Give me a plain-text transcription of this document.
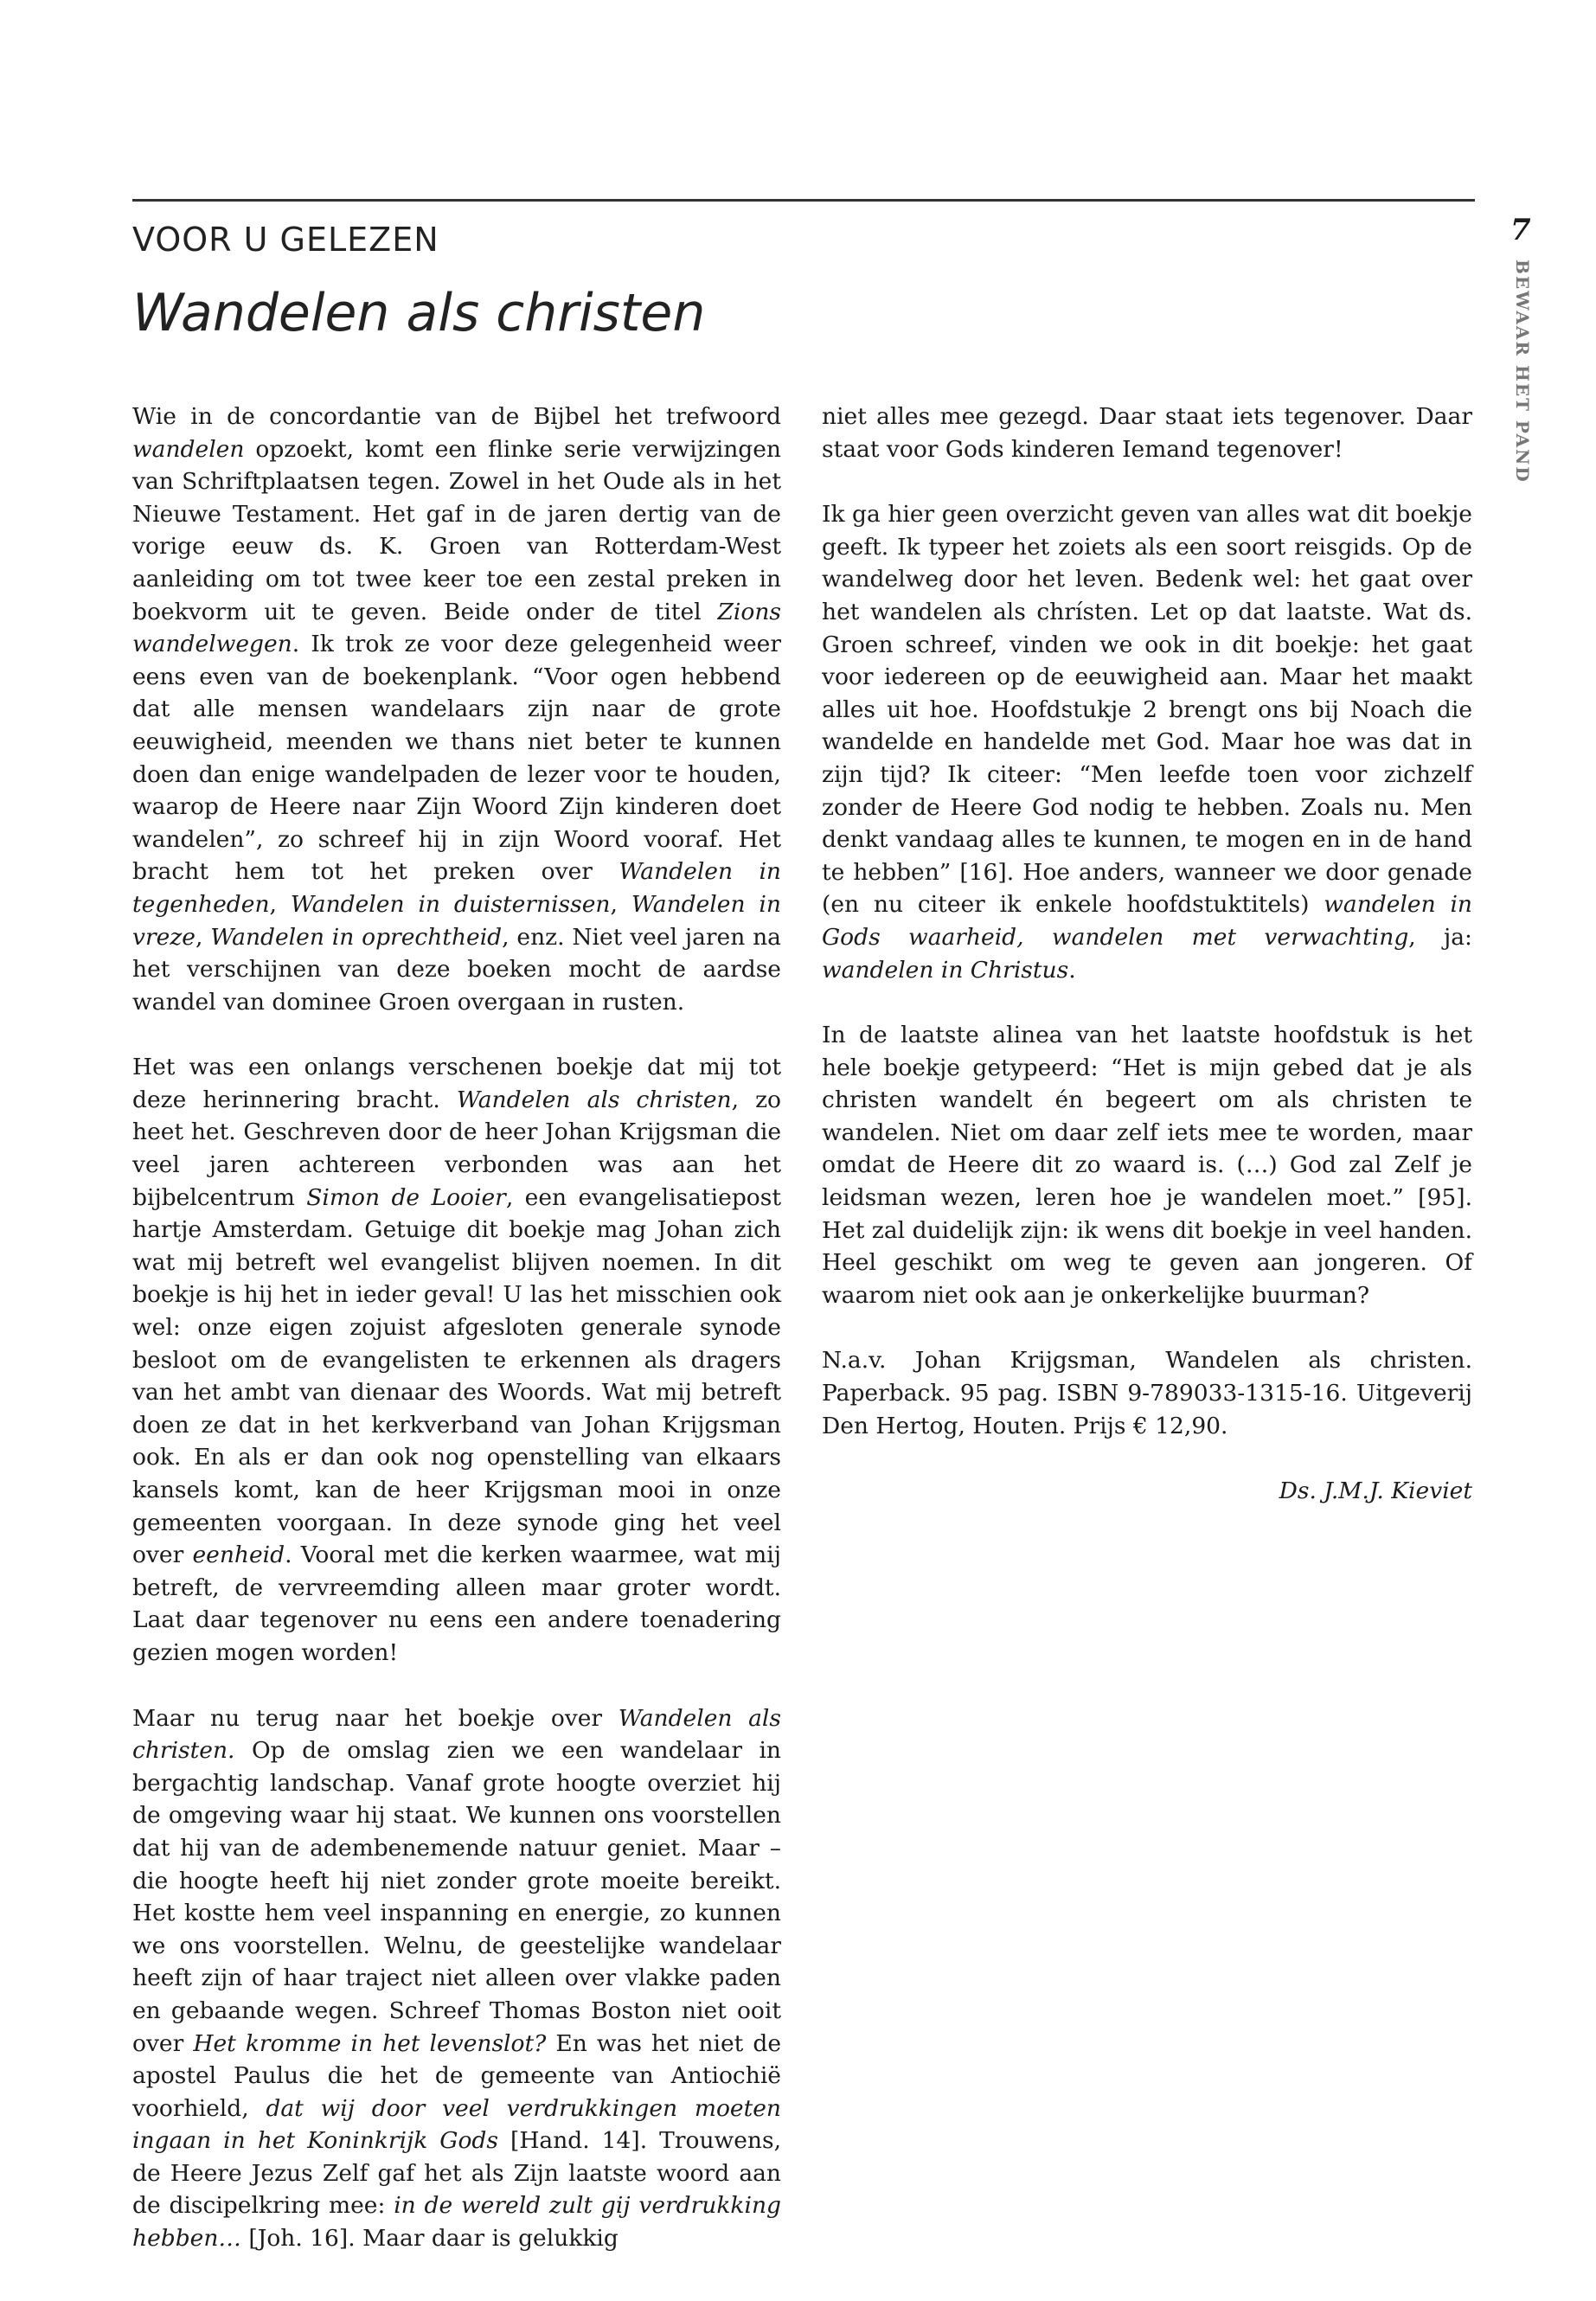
VOOR U GELEZEN
Wandelen als christen
7
BEWAAR HET PAND

Wie in de concordantie van de Bijbel het trefwoord wandelen opzoekt, komt een flinke serie verwijzingen van Schriftplaatsen tegen. Zowel in het Oude als in het Nieuwe Testament. Het gaf in de jaren dertig van de vorige eeuw ds. K. Groen van Rotterdam-West aanleiding om tot twee keer toe een zestal preken in boekvorm uit te geven. Beide onder de titel Zions wandelwegen. Ik trok ze voor deze gelegenheid weer eens even van de boekenplank. “Voor ogen hebbend dat alle mensen wandelaars zijn naar de grote eeuwigheid, meenden we thans niet beter te kunnen doen dan enige wandelpaden de lezer voor te houden, waarop de Heere naar Zijn Woord Zijn kinderen doet wandelen”, zo schreef hij in zijn Woord vooraf. Het bracht hem tot het preken over Wandelen in tegenheden, Wandelen in duisternissen, Wandelen in vreze, Wandelen in oprechtheid, enz. Niet veel jaren na het verschijnen van deze boeken mocht de aardse wandel van dominee Groen overgaan in rusten.

Het was een onlangs verschenen boekje dat mij tot deze herinnering bracht. Wandelen als christen, zo heet het. Geschreven door de heer Johan Krijgsman die veel jaren achtereen verbonden was aan het bijbelcentrum Simon de Looier, een evangelisatiepost hartje Amsterdam. Getuige dit boekje mag Johan zich wat mij betreft wel evangelist blijven noemen. In dit boekje is hij het in ieder geval! U las het misschien ook wel: onze eigen zojuist afgesloten generale synode besloot om de evangelisten te erkennen als dragers van het ambt van dienaar des Woords. Wat mij betreft doen ze dat in het kerkverband van Johan Krijgsman ook. En als er dan ook nog openstelling van elkaars kansels komt, kan de heer Krijgsman mooi in onze gemeenten voorgaan. In deze synode ging het veel over eenheid. Vooral met die kerken waarmee, wat mij betreft, de vervreemding alleen maar groter wordt. Laat daar tegenover nu eens een andere toenadering gezien mogen worden!

Maar nu terug naar het boekje over Wandelen als christen. Op de omslag zien we een wandelaar in bergachtig landschap. Vanaf grote hoogte overziet hij de omgeving waar hij staat. We kunnen ons voorstellen dat hij van de adembenemende natuur geniet. Maar – die hoogte heeft hij niet zonder grote moeite bereikt. Het kostte hem veel inspanning en energie, zo kunnen we ons voorstellen. Welnu, de geestelijke wandelaar heeft zijn of haar traject niet alleen over vlakke paden en gebaande wegen. Schreef Thomas Boston niet ooit over Het kromme in het levenslot? En was het niet de apostel Paulus die het de gemeente van Antiochië voorhield, dat wij door veel verdrukkingen moeten ingaan in het Koninkrijk Gods [Hand. 14]. Trouwens, de Heere Jezus Zelf gaf het als Zijn laatste woord aan de discipelkring mee: in de wereld zult gij verdrukking hebben… [Joh. 16]. Maar daar is gelukkig

niet alles mee gezegd. Daar staat iets tegenover. Daar staat voor Gods kinderen Iemand tegenover!

Ik ga hier geen overzicht geven van alles wat dit boekje geeft. Ik typeer het zoiets als een soort reisgids. Op de wandelweg door het leven. Bedenk wel: het gaat over het wandelen als chrísten. Let op dat laatste. Wat ds. Groen schreef, vinden we ook in dit boekje: het gaat voor iedereen op de eeuwigheid aan. Maar het maakt alles uit hoe. Hoofdstukje 2 brengt ons bij Noach die wandelde en handelde met God. Maar hoe was dat in zijn tijd? Ik citeer: “Men leefde toen voor zichzelf zonder de Heere God nodig te hebben. Zoals nu. Men denkt vandaag alles te kunnen, te mogen en in de hand te hebben” [16]. Hoe anders, wanneer we door genade (en nu citeer ik enkele hoofdstuktitels) wandelen in Gods waarheid, wandelen met verwachting, ja: wandelen in Christus.

In de laatste alinea van het laatste hoofdstuk is het hele boekje getypeerd: “Het is mijn gebed dat je als christen wandelt én begeert om als christen te wandelen. Niet om daar zelf iets mee te worden, maar omdat de Heere dit zo waard is. (…) God zal Zelf je leidsman wezen, leren hoe je wandelen moet.” [95]. Het zal duidelijk zijn: ik wens dit boekje in veel handen. Heel geschikt om weg te geven aan jongeren. Of waarom niet ook aan je onkerkelijke buurman?

N.a.v. Johan Krijgsman, Wandelen als christen. Paperback. 95 pag. ISBN 9-789033-1315-16. Uitgeverij Den Hertog, Houten. Prijs € 12,90.

Ds. J.M.J. Kieviet
